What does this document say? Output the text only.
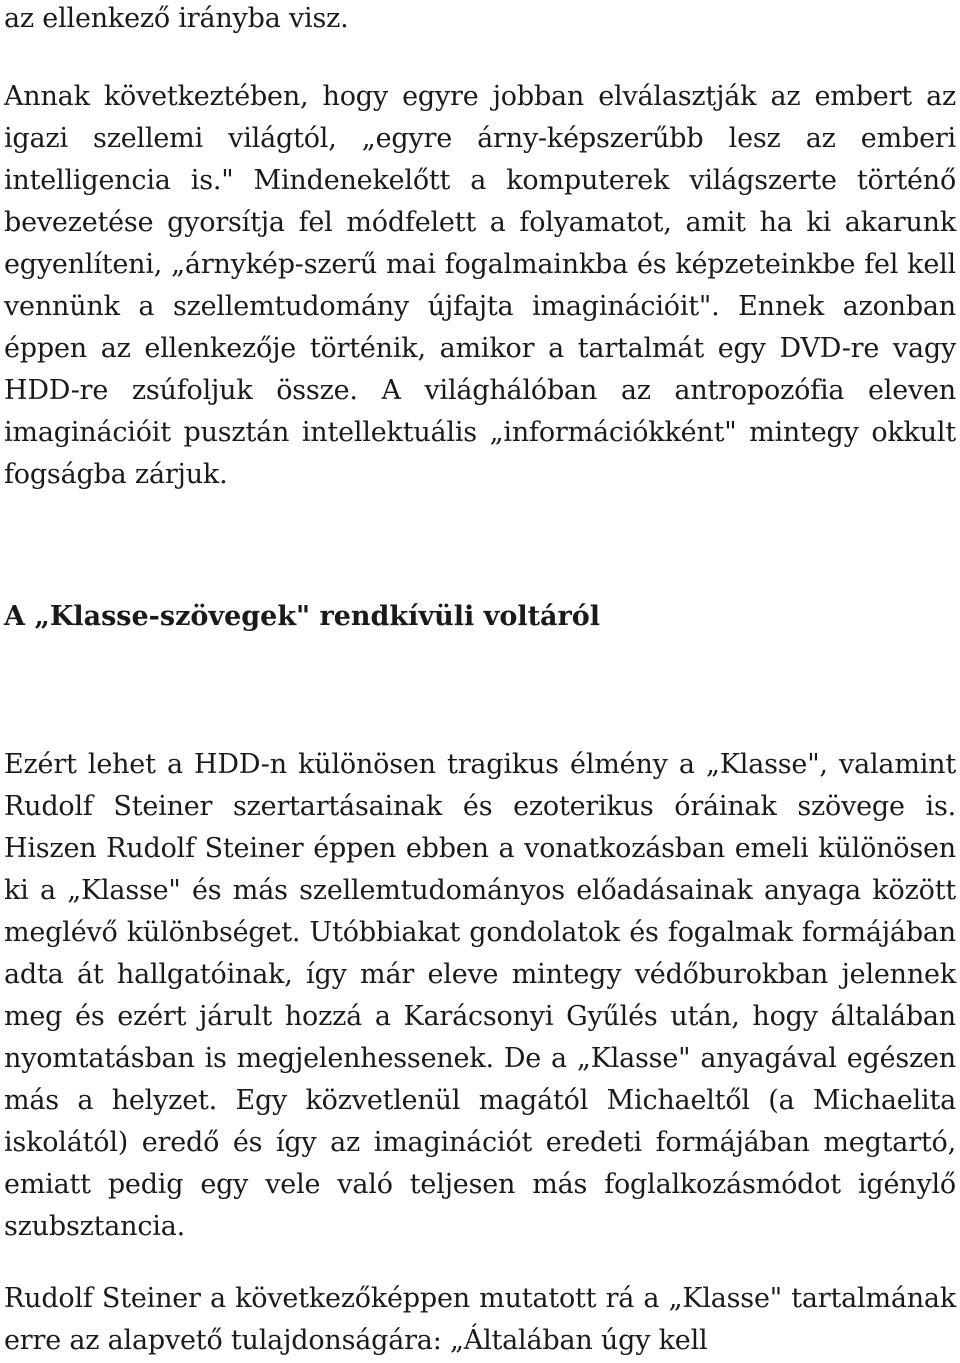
az ellenkező irányba visz.

Annak következtében, hogy egyre jobban elválasztják az embert az igazi szellemi világtól, „egyre árny-képszerűbb lesz az emberi intelligencia is." Mindenekelőtt a komputerek világszerte történő bevezetése gyorsítja fel módfelett a folyamatot, amit ha ki akarunk egyenlíteni, „árnykép-szerű mai fogalmainkba és képzeteinkbe fel kell vennünk a szellemtudomány újfajta imaginációit". Ennek azonban éppen az ellenkezője történik, amikor a tartalmát egy DVD-re vagy HDD-re zsúfoljuk össze. A világhálóban az antropozófia eleven imaginációit pusztán intellektuális „információkként" mintegy okkult fogságba zárjuk.

A „Klasse-szövegek" rendkívüli voltáról

Ezért lehet a HDD-n különösen tragikus élmény a „Klasse", valamint Rudolf Steiner szertartásainak és ezoterikus óráinak szövege is. Hiszen Rudolf Steiner éppen ebben a vonatkozásban emeli különösen ki a „Klasse" és más szellemtudományos előadásainak anyaga között meglévő különbséget. Utóbbiakat gondolatok és fogalmak formájában adta át hallgatóinak, így már eleve mintegy védőburokban jelennek meg és ezért járult hozzá a Karácsonyi Gyűlés után, hogy általában nyomtatásban is megjelenhessenek. De a „Klasse" anyagával egészen más a helyzet. Egy közvetlenül magától Michaeltől (a Michaelita iskolától) eredő és így az imaginációt eredeti formájában megtartó, emiatt pedig egy vele való teljesen más foglalkozásmódot igénylő szubsztancia.

Rudolf Steiner a következőképpen mutatott rá a „Klasse" tartalmának erre az alapvető tulajdonságára: „Általában úgy kell
